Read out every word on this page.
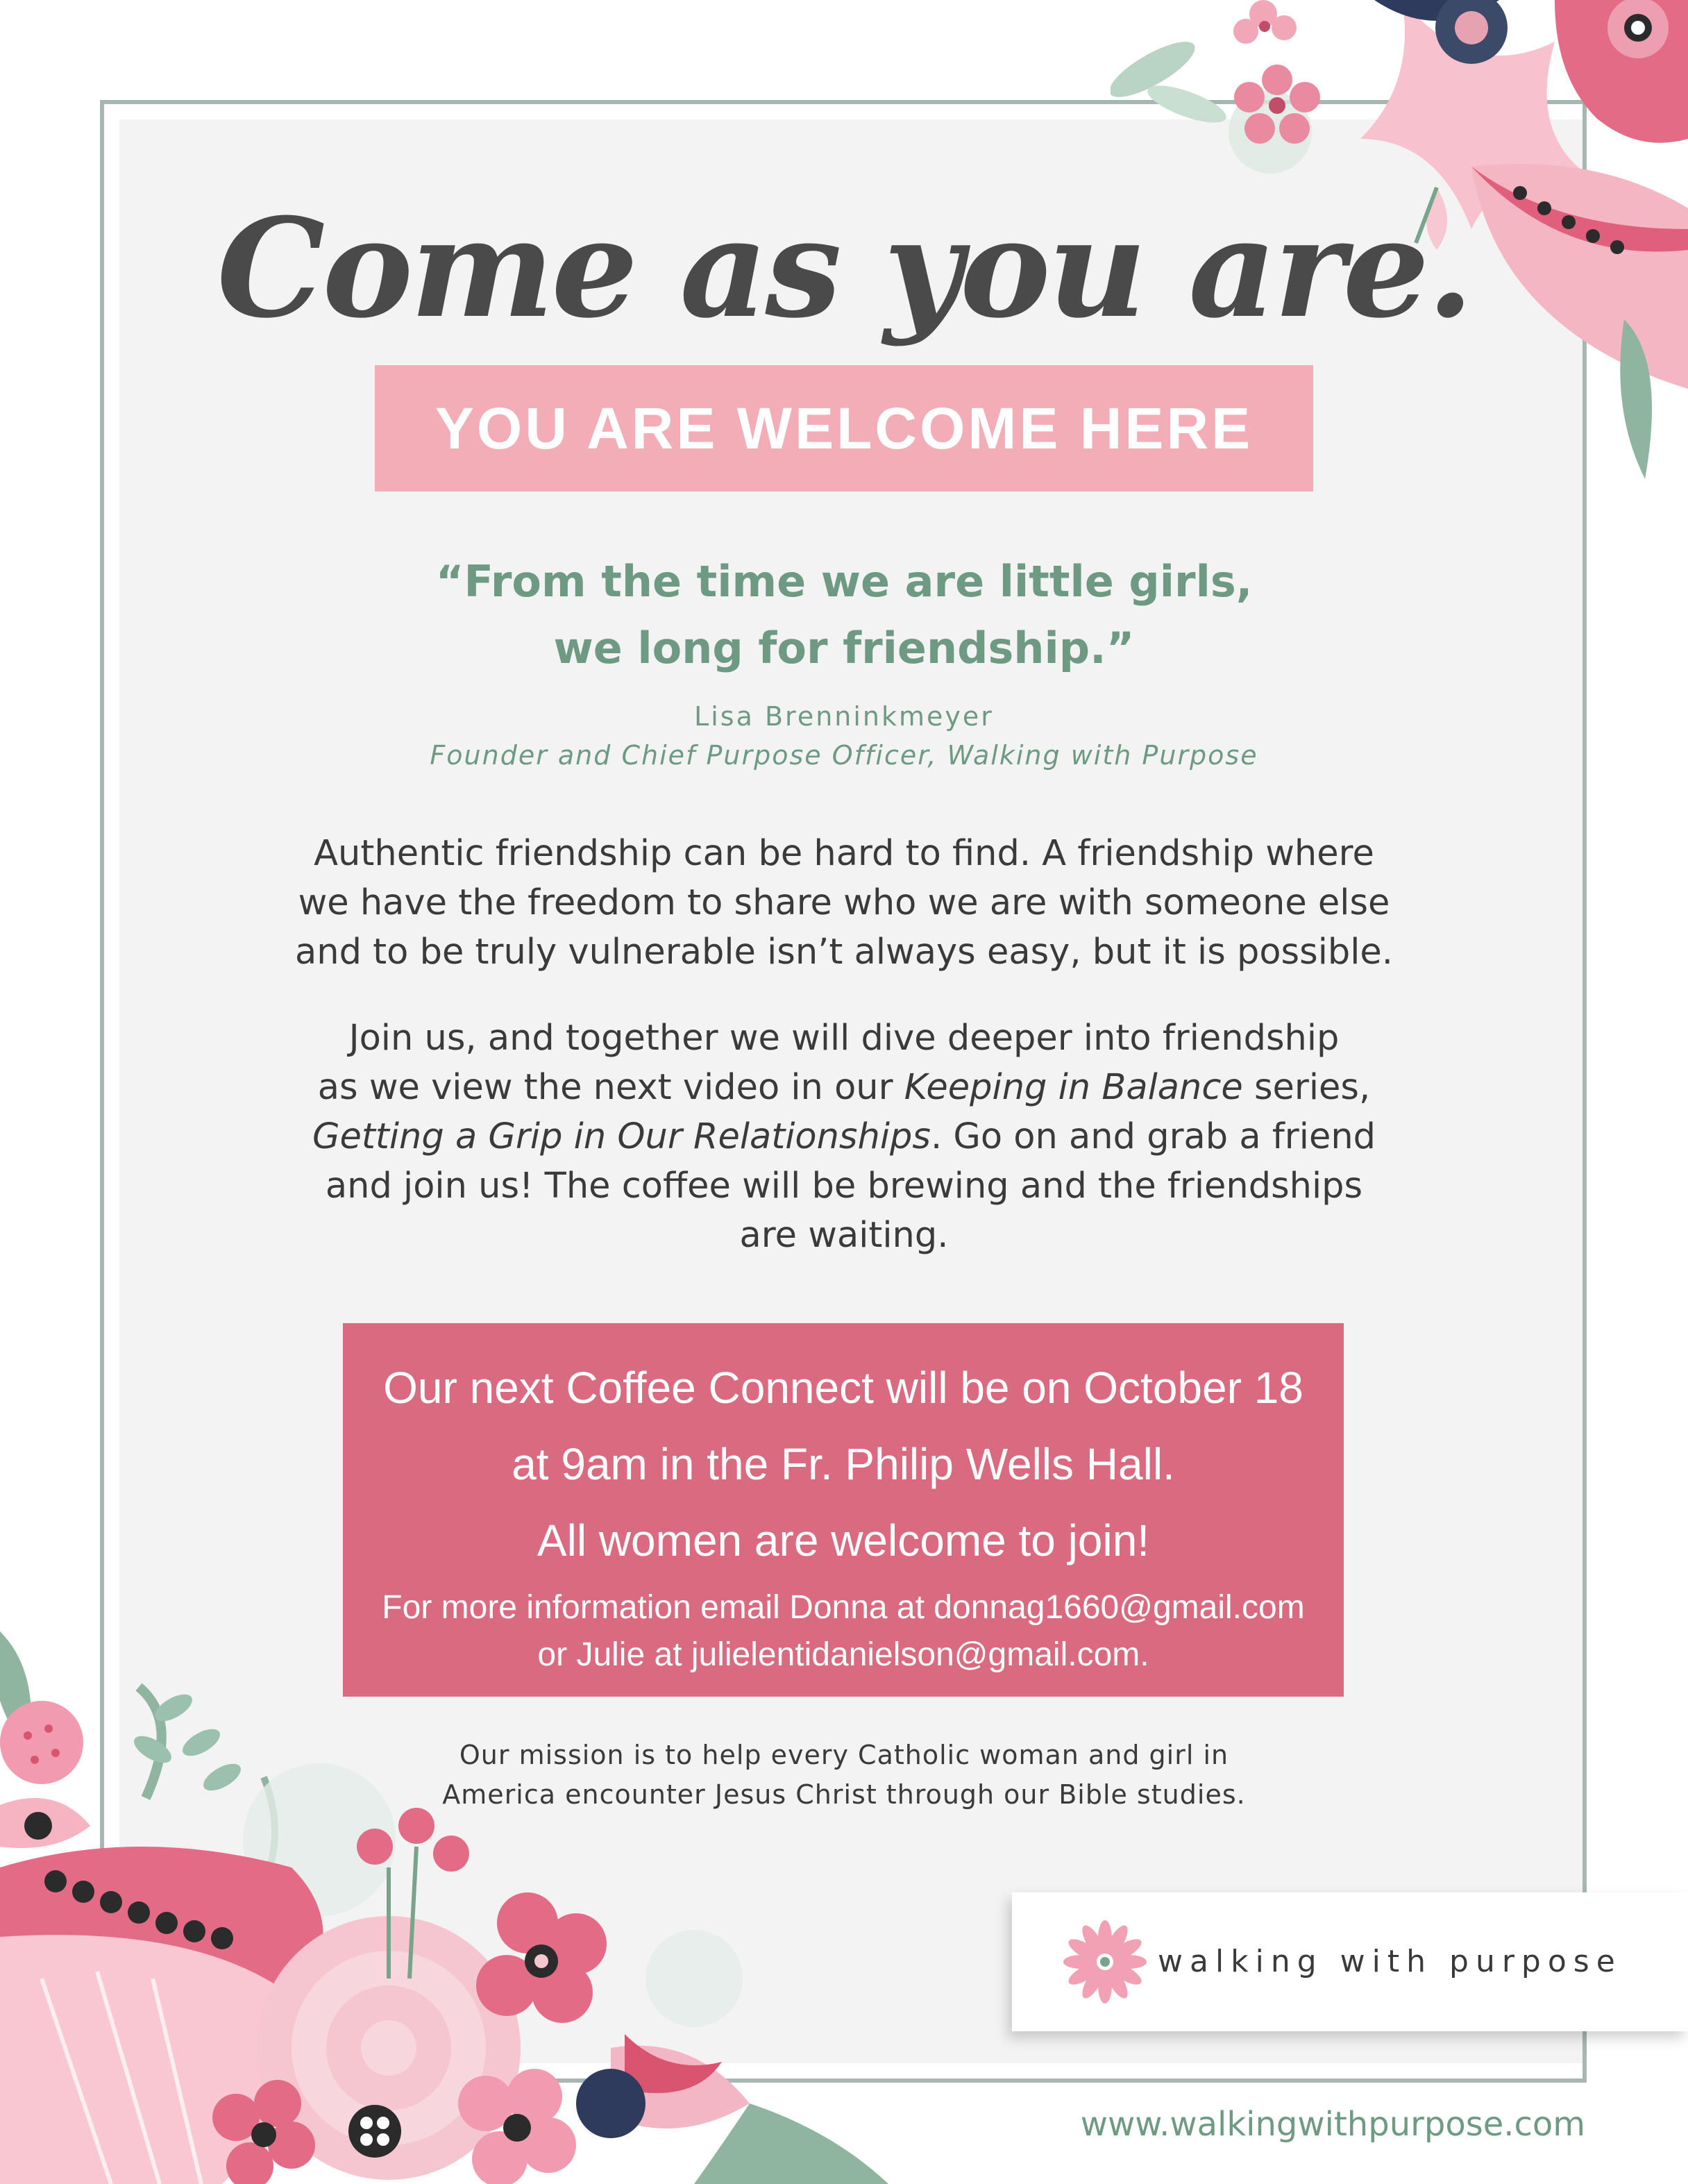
Come as you are.
YOU ARE WELCOME HERE
“From the time we are little girls,
we long for friendship.”
Lisa Brenninkmeyer
Founder and Chief Purpose Officer, Walking with Purpose
Authentic friendship can be hard to find. A friendship where
we have the freedom to share who we are with someone else
and to be truly vulnerable isn’t always easy, but it is possible.
Join us, and together we will dive deeper into friendship
as we view the next video in our Keeping in Balance series,
Getting a Grip in Our Relationships. Go on and grab a friend
and join us! The coffee will be brewing and the friendships
are waiting.
Our next Coffee Connect will be on October 18
at 9am in the Fr. Philip Wells Hall.
All women are welcome to join!
For more information email Donna at donnag1660@gmail.com
or Julie at julielentidanielson@gmail.com.
Our mission is to help every Catholic woman and girl in
America encounter Jesus Christ through our Bible studies.
walking with purpose
www.walkingwithpurpose.com
